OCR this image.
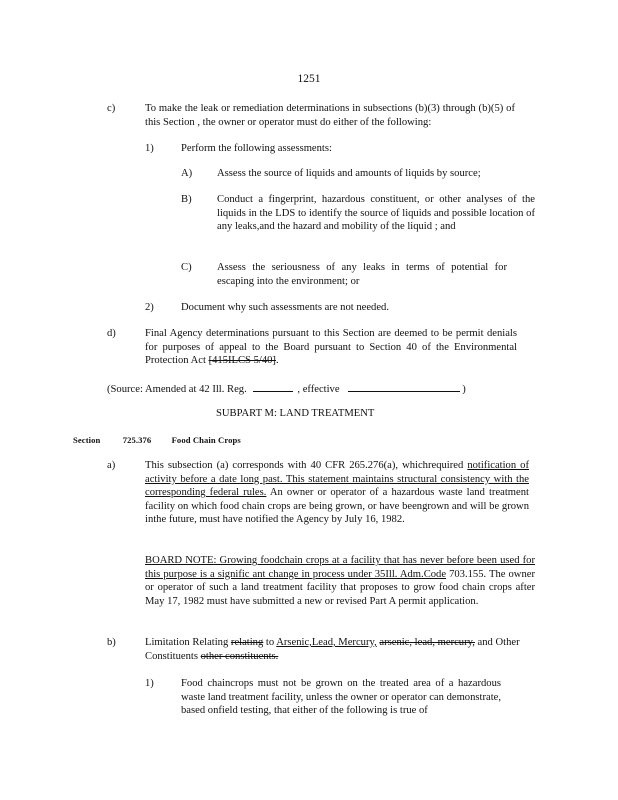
1251
c)	To make the leak or remediation determinations in subsections (b)(3) through (b)(5) of this Section , the owner or operator must do either of the following:
1)	Perform the following assessments:
A) Assess the source of liquids and amounts of liquids by source;
B) Conduct a fingerprint, hazardous constituent, or other analyses of the liquids in the LDS to identify the source of liquids and possible location of any leaks,and the hazard and mobility of the liquid ; and
C) Assess the seriousness of any leaks in terms of potential for escaping into the environment; or
2)	Document why such assessments are not needed.
d)	Final Agency determinations pursuant to this Section are deemed to be permit denials for purposes of appeal to the Board pursuant to Section 40 of the Environmental Protection Act [415ILCS 5/40].
(Source: Amended at 42 Ill. Reg.	, effective	)
SUBPART M: LAND TREATMENT
Section	725.376 Food Chain Crops
a)	This subsection (a) corresponds with 40 CFR 265.276(a), whichrequired notification of activity before a date long past. This statement maintains structural consistency with the corresponding federal rules. An owner or operator of a hazardous waste land treatment facility on which food chain crops are being grown, or have beengrown and will be grown inthe future, must have notified the Agency by July 16, 1982.
BOARD NOTE: Growing foodchain crops at a facility that has never before been used for this purpose is a signific ant change in process under 35Ill. Adm.Code 703.155. The owner or operator of such a land treatment facility that proposes to grow food chain crops after May 17, 1982 must have submitted a new or revised Part A permit application.
b)	Limitation Relating relating to Arsenic,Lead, Mercury, arsenic, lead, mercury, and Other Constituents other constituents.
1)	Food chaincrops must not be grown on the treated area of a hazardous waste land treatment facility, unless the owner or operator can demonstrate, based onfield testing, that either of the following is true of
